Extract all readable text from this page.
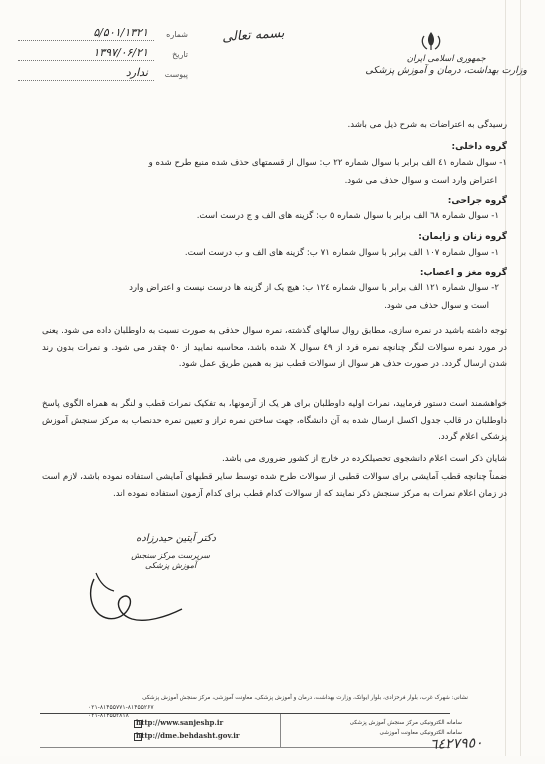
بسمه تعالی
جمهوری اسلامی ایران
وزارت بهداشت، درمان و آموزش پزشکی
شماره
۵/۵۰۱/۱۳۲۱
تاریخ
۱۳۹۷/۰۶/۲۱
پیوست
ندارد

رسیدگی به اعتراضات به شرح ذیل می باشد.

گروه داخلی:

۱- سوال شماره ٤١ الف برابر با سوال شماره ٢٢ ب: سوال از قسمتهای حذف شده منبع طرح شده و

اعتراض وارد است و سوال حذف می شود.

گروه جراحی:

۱- سوال شماره ٦٨ الف برابر با سوال شماره ٥ ب: گزینه های الف و ج درست است.

گروه زنان و زایمان:

۱- سوال شماره ١٠٧ الف برابر با سوال شماره ٧١ ب: گزینه های الف و ب درست است.

گروه مغز و اعصاب:

۲- سوال شماره ١٢١ الف برابر با سوال شماره ١٢٤ ب: هیچ یک از گزینه ها درست نیست و اعتراض وارد

است و سوال حذف می شود.

توجه داشته باشید در نمره سازی، مطابق روال سالهای گذشته، نمره سوال حذفی به صورت نسبت به داوطلبان داده می شود. یعنی در مورد نمره سوالات لنگر چنانچه نمره فرد از ٤٩ سوال X شده باشد، محاسبه نمایید از ٥٠ چقدر می شود. و نمرات بدون رند شدن ارسال گردد. در صورت حذف هر سوال از سوالات قطب نیز به همین طریق عمل شود.

خواهشمند است دستور فرمایید، نمرات اولیه داوطلبان برای هر یک از آزمونها، به تفکیک نمرات قطب و لنگر به همراه الگوی پاسخ داوطلبان در قالب جدول اکسل ارسال شده به آن دانشگاه، جهت ساختن نمره تراز و تعیین نمره حدنصاب به مرکز سنجش آموزش پزشکی اعلام گردد.

شایان ذکر است اعلام دانشجوی تحصیلکرده در خارج از کشور ضروری می باشد.

ضمناً چنانچه قطب آمایشی برای سوالات قطبی از سوالات طرح شده توسط سایر قطبهای آمایشی استفاده نموده باشد، لازم است در زمان اعلام نمرات به مرکز سنجش ذکر نمایند که از سوالات کدام قطب برای کدام آزمون استفاده نموده اند.

دکتر آیتین حیدرزاده
سرپرست مرکز سنجش
آموزش پزشکی
نشانی: شهرک غرب، بلوار فرحزادی، بلوار ایوانک، وزارت بهداشت، درمان و آموزش پزشکی، معاونت آموزشی، مرکز سنجش آموزش پزشکی
۰۲۱-۸۱۴۵۵۷۷۱-۸۱۴۵۵۲۶۷
۰۲۱-۸۱۴۵۵۲۸۱۸
http://www.sanjeshp.ir
http://dme.behdasht.gov.ir
سامانه الکترونیکی مرکز سنجش آموزش پزشکی
سامانه الکترونیکی معاونت آموزشی
٦٤٢٧٩٥٠
